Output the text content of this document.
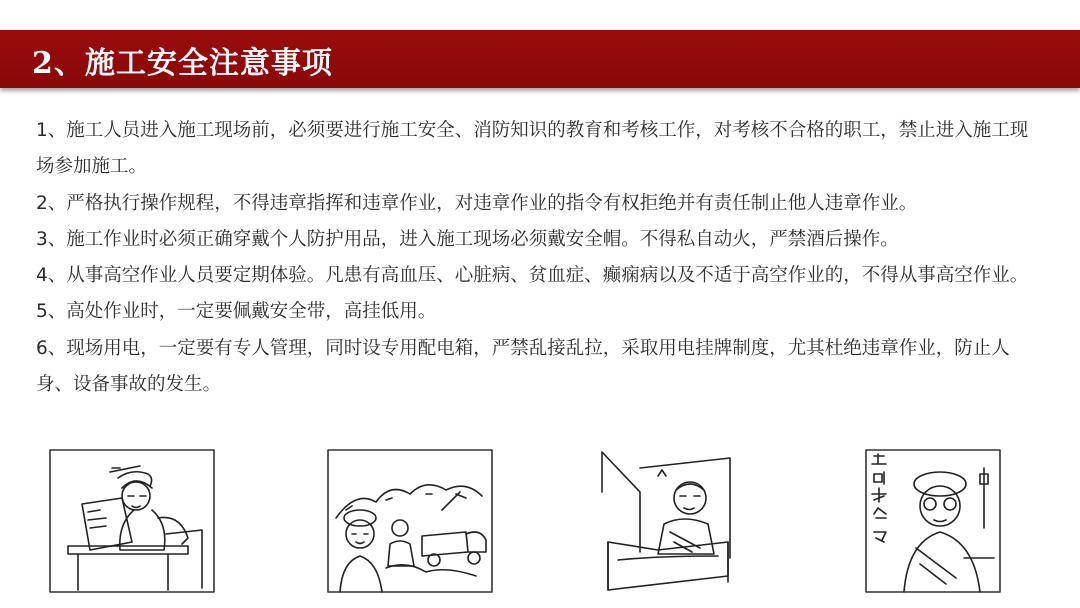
2、施工安全注意事项

1、施工人员进入施工现场前，必须要进行施工安全、消防知识的教育和考核工作，对考核不合格的职工，禁止进入施工现场参加施工。

2、严格执行操作规程，不得违章指挥和违章作业，对违章作业的指令有权拒绝并有责任制止他人违章作业。

3、施工作业时必须正确穿戴个人防护用品，进入施工现场必须戴安全帽。不得私自动火，严禁酒后操作。

4、从事高空作业人员要定期体验。凡患有高血压、心脏病、贫血症、癫痫病以及不适于高空作业的，不得从事高空作业。

5、高处作业时，一定要佩戴安全带，高挂低用。

6、现场用电，一定要有专人管理，同时设专用配电箱，严禁乱接乱拉，采取用电挂牌制度，尤其杜绝违章作业，防止人身、设备事故的发生。
